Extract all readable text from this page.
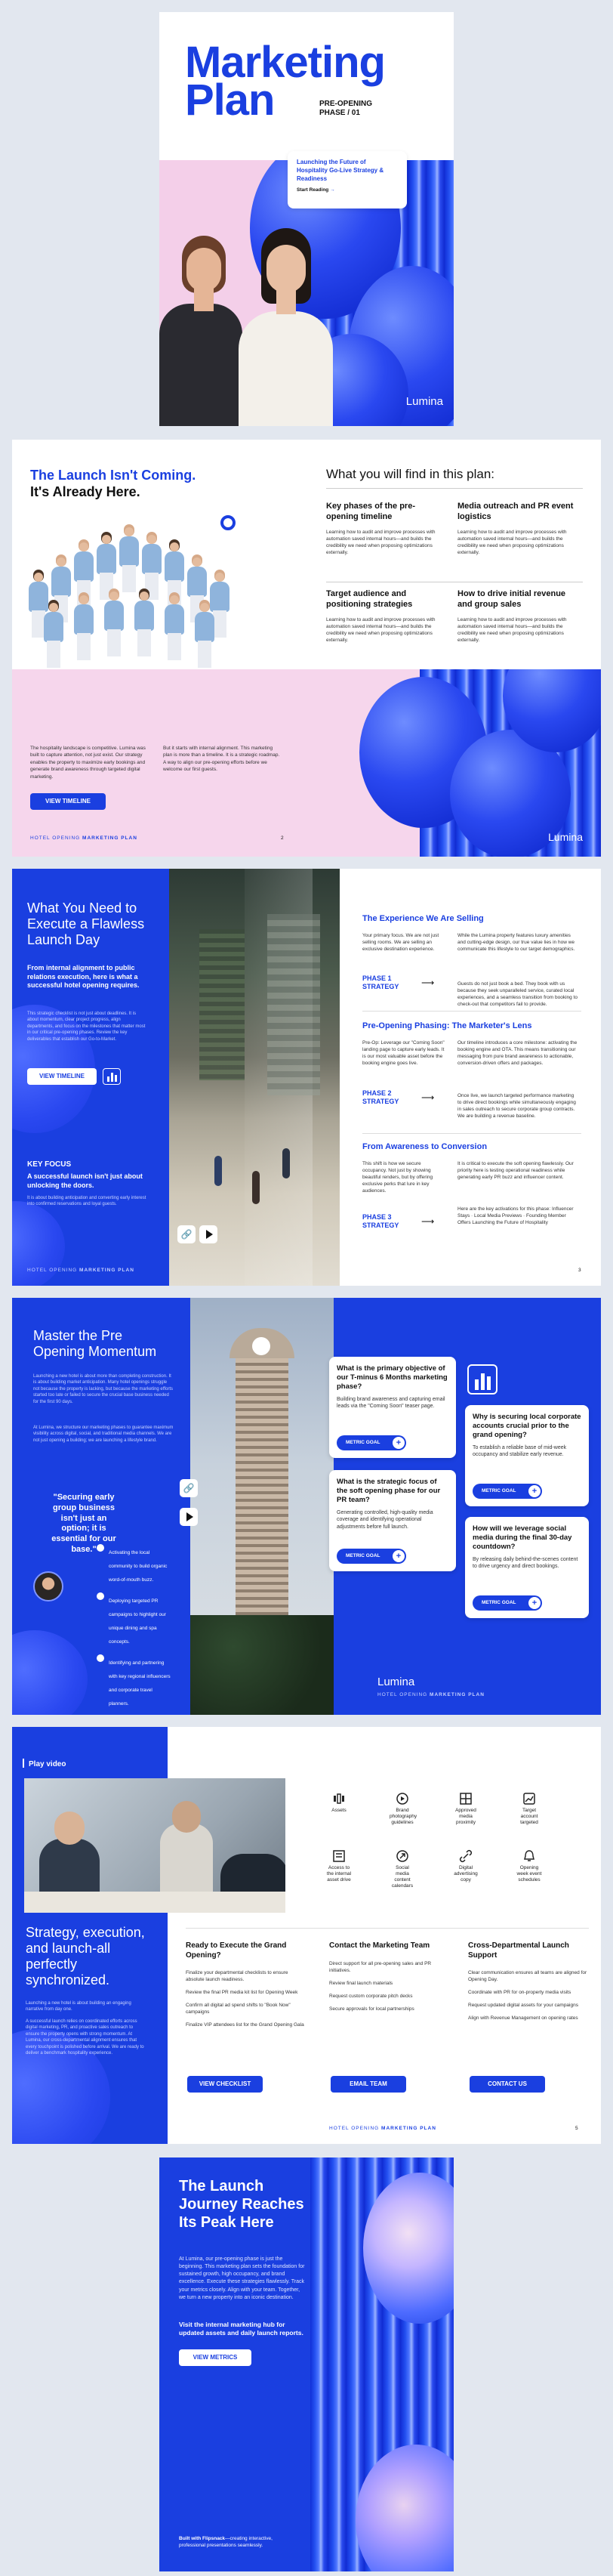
Marketing
Plan	PRE-OPENING
PHASE / 01
Lumina
Launching the Future of Hospitality Go-Live Strategy & Readiness
Start Reading →
The Launch Isn't Coming.
It's Already Here.
What you will find in this plan:
Key phases of the pre-opening timeline
Learning how to audit and improve processes with automation saved internal hours—and builds the credibility we need when proposing optimizations externally.
Media outreach and PR event logistics
Learning how to audit and improve processes with automation saved internal hours—and builds the credibility we need when proposing optimizations externally.
Target audience and positioning strategies
Learning how to audit and improve processes with automation saved internal hours—and builds the credibility we need when proposing optimizations externally.
How to drive initial revenue and group sales
Learning how to audit and improve processes with automation saved internal hours—and builds the credibility we need when proposing optimizations externally.
The hospitality landscape is competitive. Lumina was built to capture attention, not just exist. Our strategy enables the property to maximize early bookings and generate brand awareness through targeted digital marketing.
But it starts with internal alignment. This marketing plan is more than a timeline. It is a strategic roadmap. A way to align our pre-opening efforts before we welcome our first guests.
VIEW TIMELINE
HOTEL OPENING MARKETING PLAN	2	Lumina
What You Need to Execute a Flawless Launch Day
From internal alignment to public relations execution, here is what a successful hotel opening requires.
This strategic checklist is not just about deadlines. It is about momentum, clear project progress, align departments, and focus on the milestones that matter most in our critical pre-opening phases. Review the key deliverables that establish our Go-to-Market.
VIEW TIMELINE
KEY FOCUS
A successful launch isn't just about unlocking the doors.
It is about building anticipation and converting early interest into confirmed reservations and loyal guests.
HOTEL OPENING MARKETING PLAN
🔗
The Experience We Are Selling
Your primary focus. We are not just selling rooms. We are selling an exclusive destination experience.
While the Lumina property features luxury amenities and cutting-edge design, our true value lies in how we communicate this lifestyle to our target demographics.
PHASE 1
STRATEGY ⟶	Guests do not just book a bed. They book with us because they seek unparalleled service, curated local experiences, and a seamless transition from booking to check-out that competitors fail to provide.
Pre-Opening Phasing: The Marketer's Lens
Pre-Op: Leverage our "Coming Soon" landing page to capture early leads. It is our most valuable asset before the booking engine goes live.
Our timeline introduces a core milestone: activating the booking engine and OTA. This means transitioning our messaging from pure brand awareness to actionable, conversion-driven offers and packages.
PHASE 2
STRATEGY ⟶	Once live, we launch targeted performance marketing to drive direct bookings while simultaneously engaging in sales outreach to secure corporate group contracts. We are building a revenue baseline.
From Awareness to Conversion
This shift is how we secure occupancy. Not just by showing beautiful renders, but by offering exclusive perks that lure in key audiences.
It is critical to execute the soft opening flawlessly. Our priority here is testing operational readiness while generating early PR buzz and influencer content.
PHASE 3
STRATEGY ⟶
Here are the key activations for this phase: Influencer Stays · Local Media Previews · Founding Member Offers Launching the Future of Hospitality
3
Master the Pre Opening Momentum
Launching a new hotel is about more than completing construction. It is about building market anticipation. Many hotel openings struggle not because the property is lacking, but because the marketing efforts started too late or failed to secure the crucial base business needed for the first 90 days.
At Lumina, we structure our marketing phases to guarantee maximum visibility across digital, social, and traditional media channels. We are not just opening a building; we are launching a lifestyle brand.
"Securing early group business isn't just an option; it is essential for our base."	Activating the local community to build organic word-of-mouth buzz.
Deploying targeted PR campaigns to highlight our unique dining and spa concepts.
Identifying and partnering with key regional influencers and corporate travel planners.
🔗
What is the primary objective of our T-minus 6 Months marketing phase?

Building brand awareness and capturing email leads via the "Coming Soon" teaser page.

METRIC GOAL	+
What is the strategic focus of the soft opening phase for our PR team?

Generating controlled, high-quality media coverage and identifying operational adjustments before full launch.

METRIC GOAL	+
Why is securing local corporate accounts crucial prior to the grand opening?

To establish a reliable base of mid-week occupancy and stabilize early revenue.

METRIC GOAL	+
How will we leverage social media during the final 30-day countdown?

By releasing daily behind-the-scenes content to drive urgency and direct bookings.

METRIC GOAL	+
Lumina
HOTEL OPENING MARKETING PLAN
Strategy, execution, and launch-all perfectly synchronized.
Launching a new hotel is about building an engaging narrative from day one.
A successful launch relies on coordinated efforts across digital marketing, PR, and proactive sales outreach to ensure the property opens with strong momentum. At Lumina, our cross-departmental alignment ensures that every touchpoint is polished before arrival. We are ready to deliver a benchmark hospitality experience.
Play video
Assets	Brand photography guidelines
Approved media proximity
Target account targeted
Access to the internal asset drive
Social media content calendars
Digital advertising copy
Opening week event schedules
Ready to Execute the Grand Opening?
Finalize your departmental checklists to ensure absolute launch readiness.
Review the final PR media kit list for Opening Week
Confirm all digital ad spend shifts to "Book Now" campaigns
Finalize VIP attendees list for the Grand Opening Gala
Contact the Marketing Team
Direct support for all pre-opening sales and PR initiatives.
Review final launch materials
Request custom corporate pitch decks
Secure approvals for local partnerships
Cross-Departmental Launch Support
Clear communication ensures all teams are aligned for Opening Day.
Coordinate with PR for on-property media visits
Request updated digital assets for your campaigns
Align with Revenue Management on opening rates
VIEW CHECKLIST	EMAIL TEAM	CONTACT US
HOTEL OPENING MARKETING PLAN	5
The Launch Journey Reaches Its Peak Here
At Lumina, our pre-opening phase is just the beginning. This marketing plan sets the foundation for sustained growth, high occupancy, and brand excellence. Execute these strategies flawlessly. Track your metrics closely. Align with your team. Together, we turn a new property into an iconic destination.
Visit the internal marketing hub for updated assets and daily launch reports.
VIEW METRICS
Built with Flipsnack—creating interactive, professional presentations seamlessly.
